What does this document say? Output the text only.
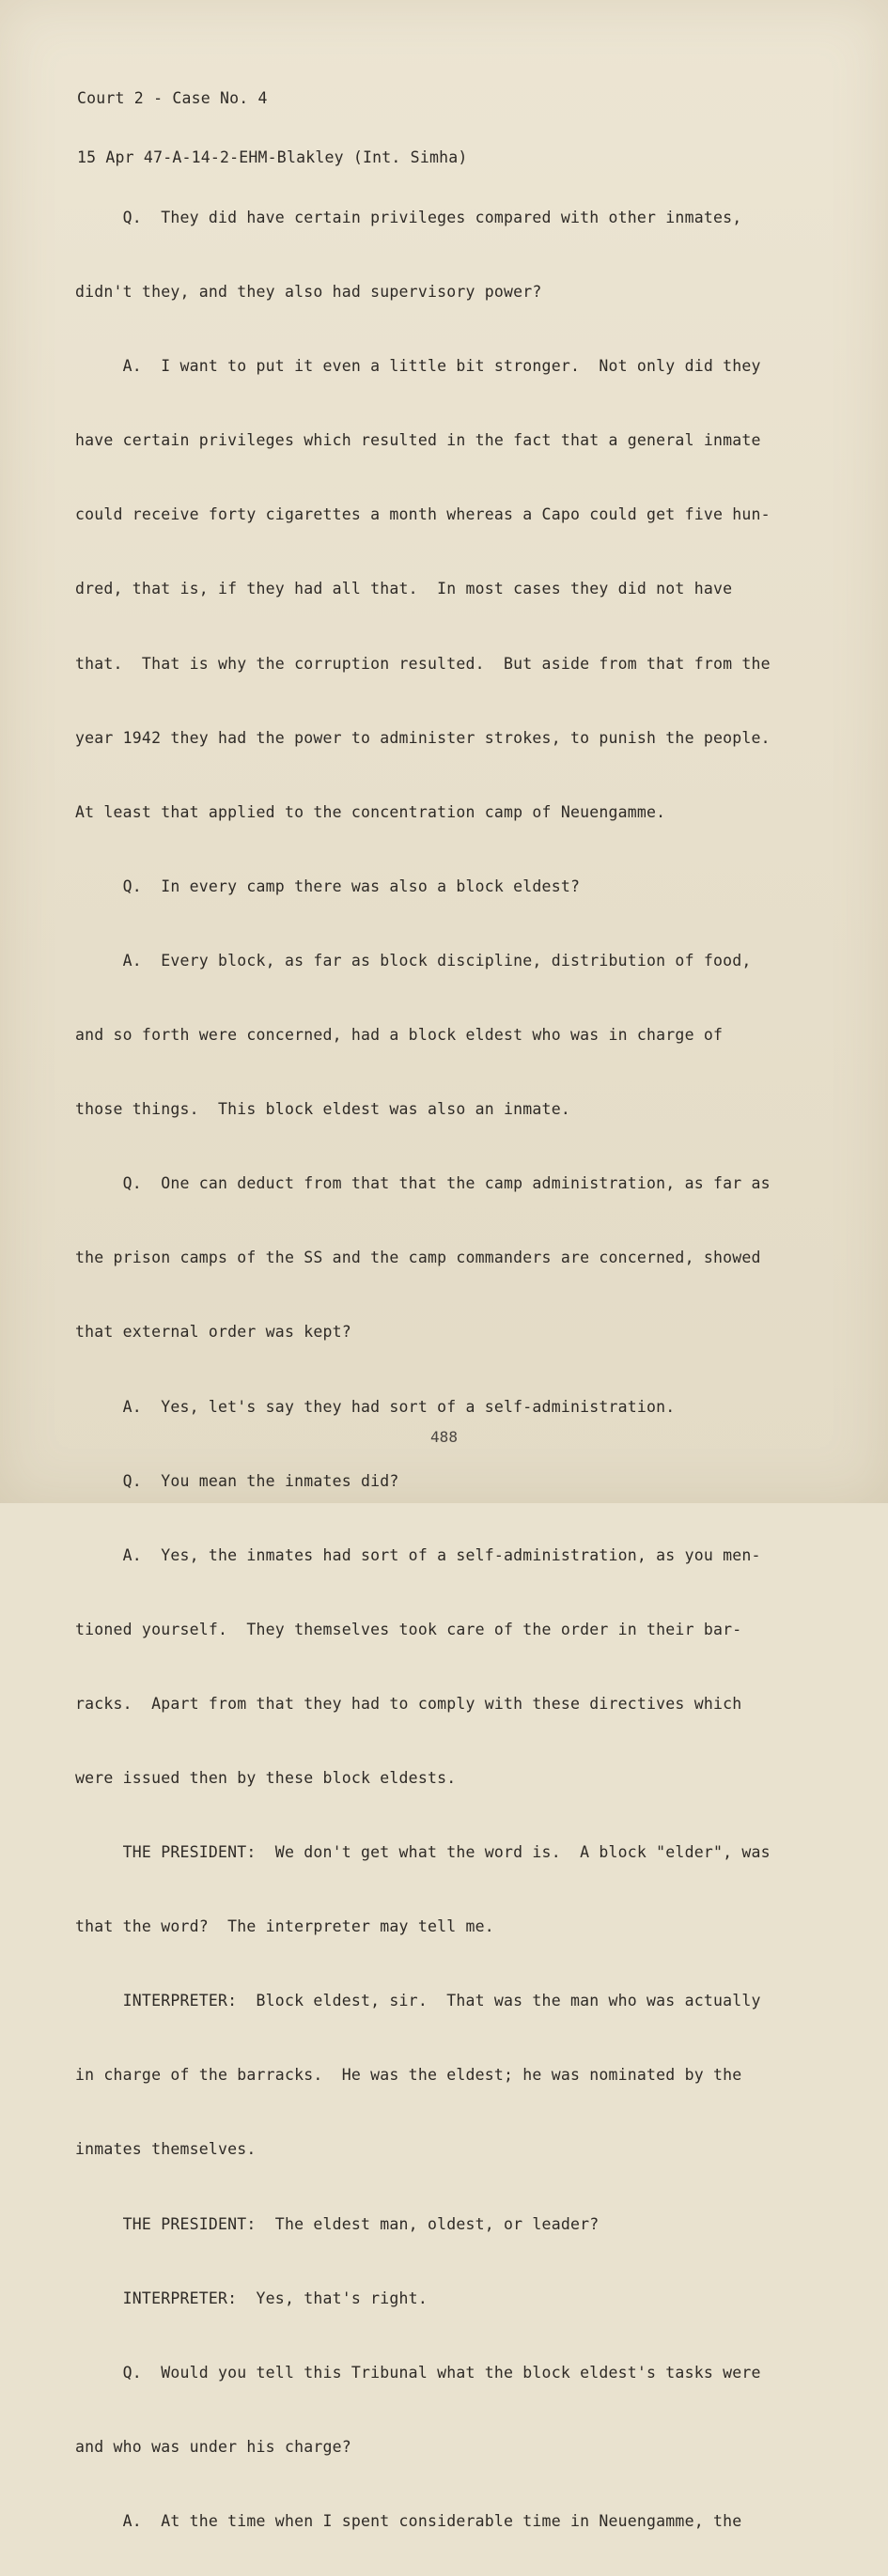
Court 2 - Case No. 4

15 Apr 47-A-14-2-EHM-Blakley (Int. Simha)

Q.  They did have certain privileges compared with other inmates,

didn't they, and they also had supervisory power?

A.  I want to put it even a little bit stronger.  Not only did they

have certain privileges which resulted in the fact that a general inmate

could receive forty cigarettes a month whereas a Capo could get five hun-

dred, that is, if they had all that.  In most cases they did not have

that.  That is why the corruption resulted.  But aside from that from the

year 1942 they had the power to administer strokes, to punish the people.

At least that applied to the concentration camp of Neuengamme.

Q.  In every camp there was also a block eldest?

A.  Every block, as far as block discipline, distribution of food,

and so forth were concerned, had a block eldest who was in charge of

those things.  This block eldest was also an inmate.

Q.  One can deduct from that that the camp administration, as far as

the prison camps of the SS and the camp commanders are concerned, showed

that external order was kept?

A.  Yes, let's say they had sort of a self-administration.

Q.  You mean the inmates did?

A.  Yes, the inmates had sort of a self-administration, as you men-

tioned yourself.  They themselves took care of the order in their bar-

racks.  Apart from that they had to comply with these directives which

were issued then by these block eldests.

THE PRESIDENT:  We don't get what the word is.  A block "elder", was

that the word?  The interpreter may tell me.

INTERPRETER:  Block eldest, sir.  That was the man who was actually

in charge of the barracks.  He was the eldest; he was nominated by the

inmates themselves.

THE PRESIDENT:  The eldest man, oldest, or leader?

INTERPRETER:  Yes, that's right.

Q.  Would you tell this Tribunal what the block eldest's tasks were

and who was under his charge?

A.  At the time when I spent considerable time in Neuengamme, the

488
